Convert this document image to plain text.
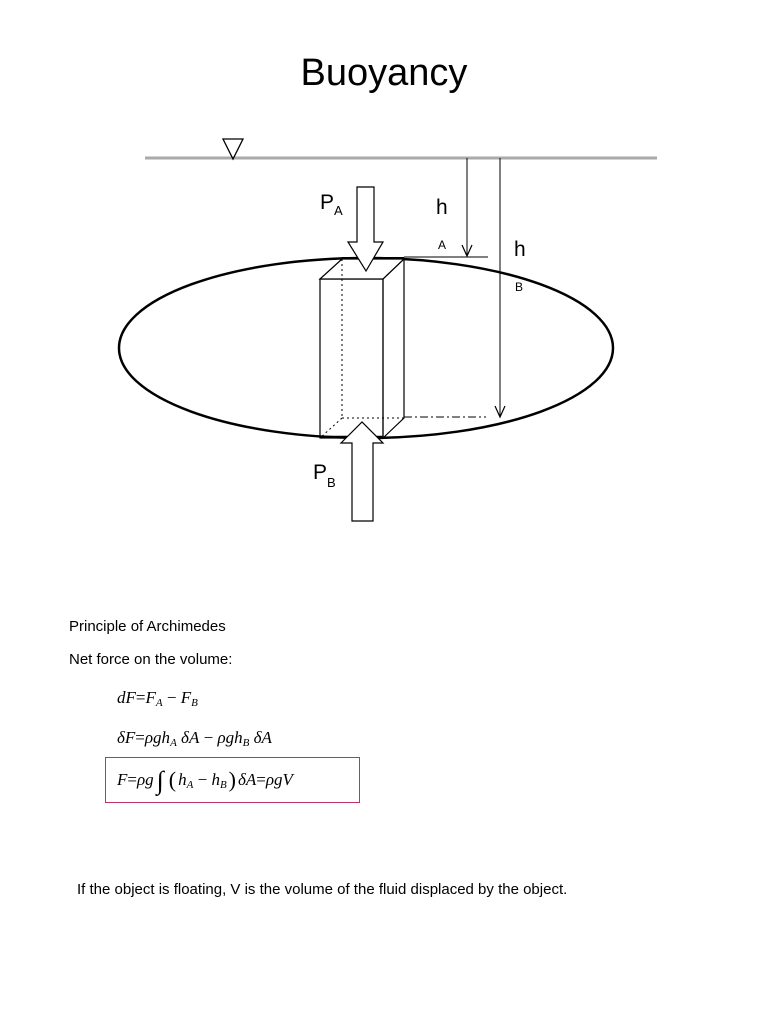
Buoyancy
$P_A$	h
A	h
B
$P_B$
Principle of Archimedes
Net force on the volume:
$dF=F_A - F_B$
δF=ρgh$_A$ δA − ρgh$_B$ δA
F=ρg ∫ ( $h_A - h_B$) δA=ρgV
If the object is floating, V is the volume of the fluid displaced by the object.
